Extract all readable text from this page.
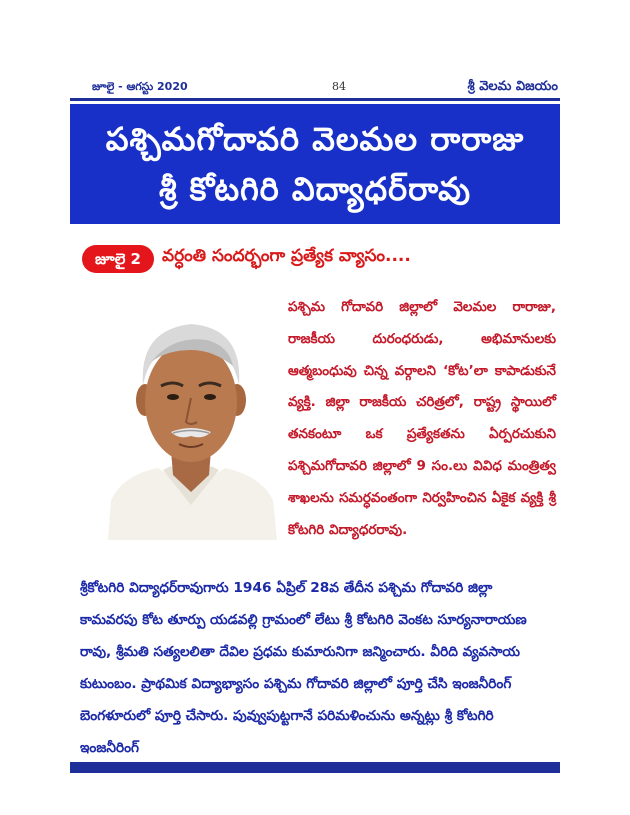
జూలై - ఆగస్టు 2020	84	శ్రీ వెలమ విజయం
పశ్చిమగోదావరి వెలమల రారాజు
శ్రీ కోటగిరి విద్యాధర్‌రావు
జూలై 2	వర్ధంతి సందర్భంగా ప్రత్యేక వ్యాసం....
పశ్చిమ గోదావరి జిల్లాలో వెలమల రారాజు, రాజకీయ దురంధరుడు, అభిమానులకు ఆత్మబంధువు చిన్న వర్గాలని ‘కోట’లా కాపాడుకునే వ్యక్తి. జిల్లా రాజకీయ చరిత్రలో, రాష్ట్ర స్థాయిలో తనకంటూ ఒక ప్రత్యేకతను ఏర్పరచుకుని పశ్చిమగోదావరి జిల్లాలో 9 సం.లు వివిధ మంత్రిత్వ శాఖలను సమర్ధవంతంగా నిర్వహించిన ఏకైక వ్యక్తి శ్రీ కోటగిరి విద్యాధరరావు.
శ్రీకోటగిరి విద్యాధర్‌రావుగారు 1946 ఏప్రిల్ 28వ తేదీన పశ్చిమ గోదావరి జిల్లా కామవరపు కోట తూర్పు యడవల్లి గ్రామంలో లేటు శ్రీ కోటగిరి వెంకట సూర్యనారాయణ రావు, శ్రీమతి సత్యలలితా దేవిల ప్రధమ కుమారునిగా జన్మించారు. వీరిది వ్యవసాయ కుటుంబం. ప్రాథమిక విద్యాభ్యాసం పశ్చిమ గోదావరి జిల్లాలో పూర్తి చేసి ఇంజనీరింగ్ బెంగళూరులో పూర్తి చేసారు. పువ్వుపుట్టగానే పరిమళించును అన్నట్లు శ్రీ కోటగిరి ఇంజనీరింగ్
